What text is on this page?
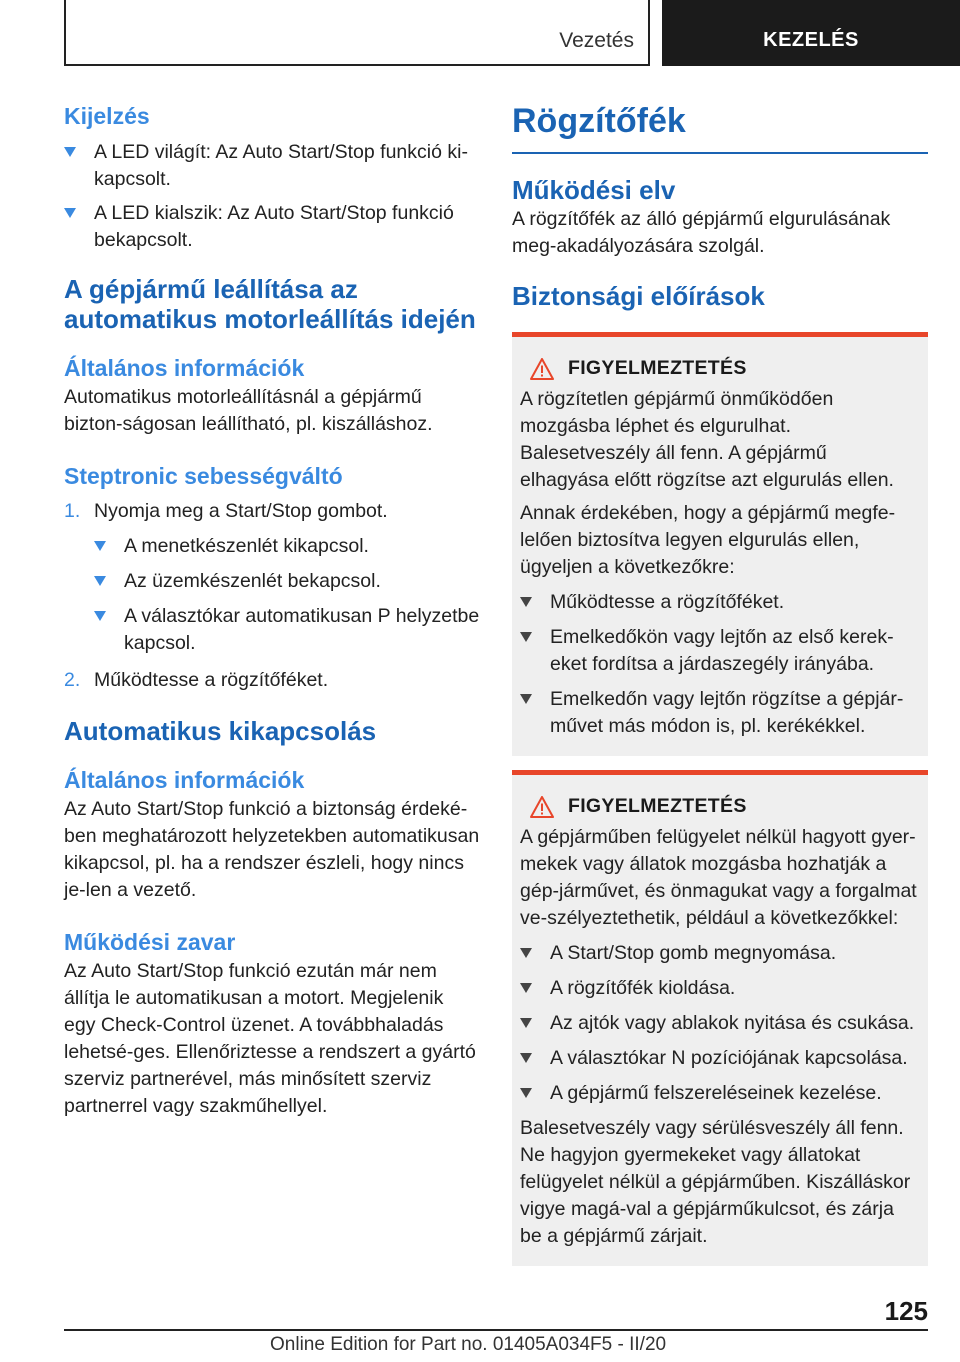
Vezetés	KEZELÉS
Kijelzés
A LED világít: Az Auto Start/Stop funkció ki‐kapcsolt.
A LED kialszik: Az Auto Start/Stop funkció bekapcsolt.
A gépjármű leállítása az automatikus motorleállítás idején
Általános információk

Automatikus motorleállításnál a gépjármű bizton‐ságosan leállítható, pl. kiszálláshoz.

Steptronic sebességváltó
1. Nyomja meg a Start/Stop gombot.
A menetkészenlét kikapcsol.
Az üzemkészenlét bekapcsol.
A választókar automatikusan P helyzetbe kapcsol.
2. Működtesse a rögzítőféket.
Automatikus kikapcsolás
Általános információk

Az Auto Start/Stop funkció a biztonság érdeké‐ben meghatározott helyzetekben automatikusan kikapcsol, pl. ha a rendszer észleli, hogy nincs je‐len a vezető.

Működési zavar

Az Auto Start/Stop funkció ezután már nem állítja le automatikusan a motort. Megjelenik egy Check-Control üzenet. A továbbhaladás lehetsé‐ges. Ellenőriztesse a rendszert a gyártó szerviz partnerével, más minősített szerviz partnerrel vagy szakműhellyel.

Rögzítőfék
Működési elv

A rögzítőfék az álló gépjármű elgurulásának meg‐akadályozására szolgál.

Biztonsági előírások
FIGYELMEZTETÉS

A rögzítetlen gépjármű önműködően mozgásba léphet és elgurulhat. Balesetveszély áll fenn. A gépjármű elhagyása előtt rögzítse azt elgurulás ellen.

Annak érdekében, hogy a gépjármű megfe‐lelően biztosítva legyen elgurulás ellen, ügyeljen a következőkre:

Működtesse a rögzítőféket.
Emelkedőkön vagy lejtőn az első kerek‐eket fordítsa a járdaszegély irányába.
Emelkedőn vagy lejtőn rögzítse a gépjár‐művet más módon is, pl. kerékékkel.
FIGYELMEZTETÉS

A gépjárműben felügyelet nélkül hagyott gyer‐mekek vagy állatok mozgásba hozhatják a gép‐járművet, és önmagukat vagy a forgalmat ve‐szélyeztethetik, például a következőkkel:

A Start/Stop gomb megnyomása.
A rögzítőfék kioldása.
Az ajtók vagy ablakok nyitása és csukása.
A választókar N pozíciójának kapcsolása.
A gépjármű felszereléseinek kezelése.

Balesetveszély vagy sérülésveszély áll fenn. Ne hagyjon gyermekeket vagy állatokat felügyelet nélkül a gépjárműben. Kiszálláskor vigye magá‐val a gépjárműkulcsot, és zárja be a gépjármű zárjait.

125
Online Edition for Part no. 01405A034F5 - II/20
